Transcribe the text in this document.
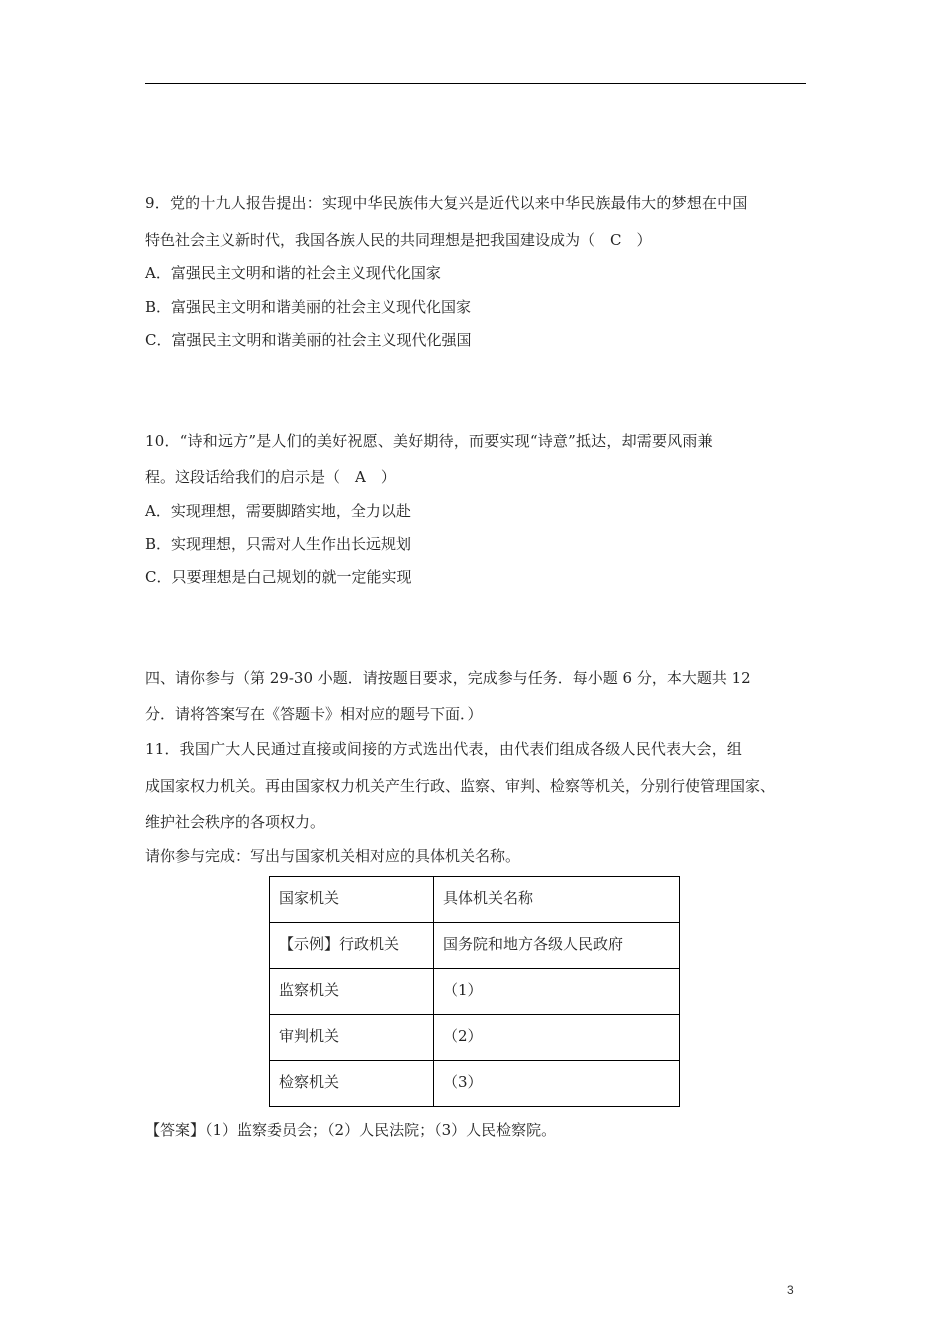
9．党的十九人报告提出：实现中华民族伟大复兴是近代以来中华民族最伟大的梦想在中国
特色社会主义新时代，我国各族人民的共同理想是把我国建设成为（　C　）
A．富强民主文明和谐的社会主义现代化国家
B．富强民主文明和谐美丽的社会主义现代化国家
C．富强民主文明和谐美丽的社会主义现代化强国
10．“诗和远方”是人们的美好祝愿、美好期待，而要实现“诗意”抵达，却需要风雨兼
程。这段话给我们的启示是（　A　）
A．实现理想，需要脚踏实地，全力以赴
B．实现理想，只需对人生作出长远规划
C．只要理想是白己规划的就一定能实现
四、请你参与（第 29-30 小题．请按题目要求，完成参与任务．每小题 6 分，本大题共 12
分．请将答案写在《答题卡》相对应的题号下面．）
11．我国广大人民通过直接或间接的方式选出代表，由代表们组成各级人民代表大会，组
成国家权力机关。再由国家权力机关产生行政、监察、审判、检察等机关，分别行使管理国家、
维护社会秩序的各项权力。
请你参与完成：写出与国家机关相对应的具体机关名称。
国家机关	具体机关名称
【示例】行政机关	国务院和地方各级人民政府
监察机关	（1）
审判机关	（2）
检察机关	（3）
【答案】（1）监察委员会；（2）人民法院；（3）人民检察院。
3
